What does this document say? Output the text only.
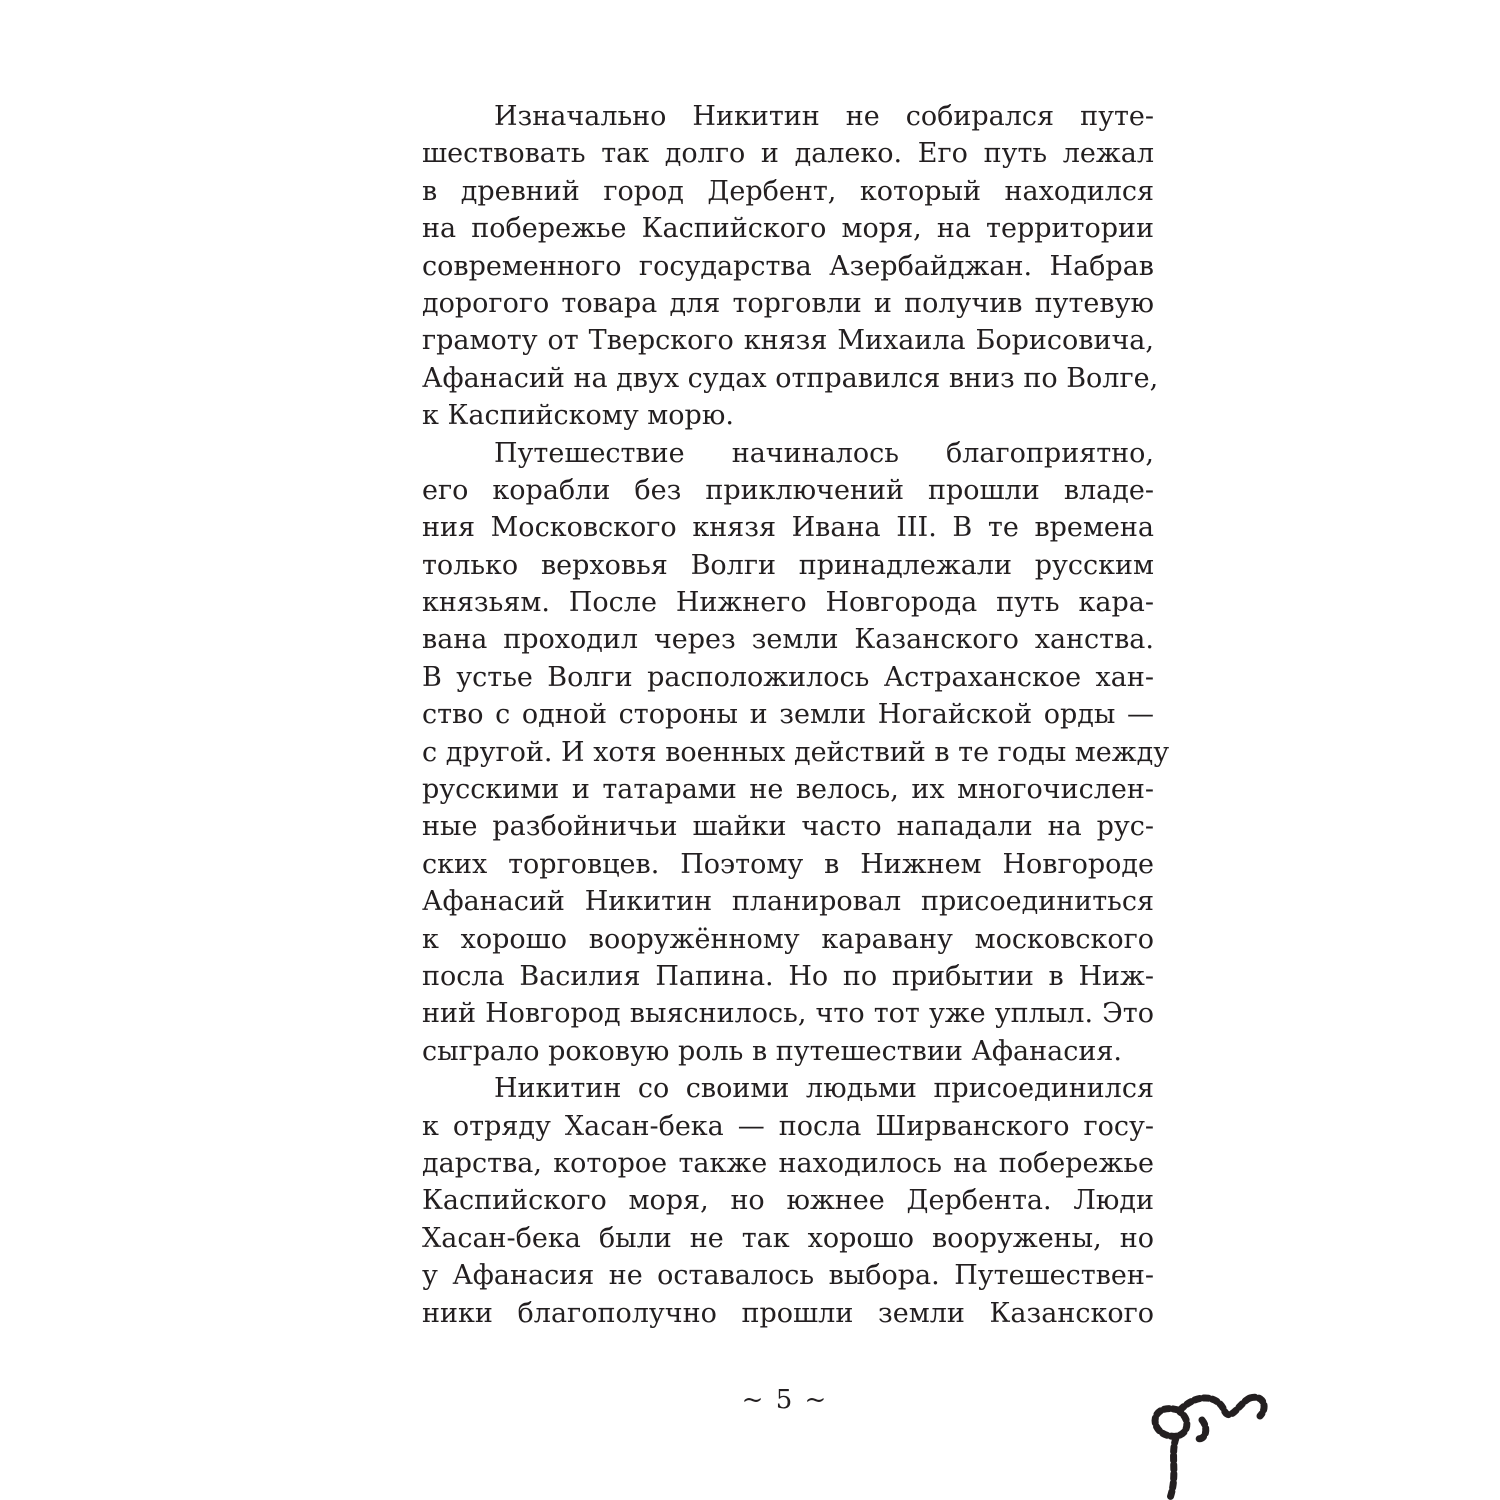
Изначально Никитин не собирался путе-
шествовать так долго и далеко. Его путь лежал
в древний город Дербент, который находился
на побережье Каспийского моря, на территории
современного государства Азербайджан. Набрав
дорогого товара для торговли и получив путевую
грамоту от Тверского князя Михаила Борисовича,
Афанасий на двух судах отправился вниз по Волге,
к Каспийскому морю.
Путешествие начиналось благоприятно,
его корабли без приключений прошли владе-
ния Московского князя Ивана III. В те времена
только верховья Волги принадлежали русским
князьям. После Нижнего Новгорода путь кара-
вана проходил через земли Казанского ханства.
В устье Волги расположилось Астраханское хан-
ство с одной стороны и земли Ногайской орды —
с другой. И хотя военных действий в те годы между
русскими и татарами не велось, их многочислен-
ные разбойничьи шайки часто нападали на рус-
ских торговцев. Поэтому в Нижнем Новгороде
Афанасий Никитин планировал присоединиться
к хорошо вооружённому каравану московского
посла Василия Папина. Но по прибытии в Ниж-
ний Новгород выяснилось, что тот уже уплыл. Это
сыграло роковую роль в путешествии Афанасия.
Никитин со своими людьми присоединился
к отряду Хасан-бека — посла Ширванского госу-
дарства, которое также находилось на побережье
Каспийского моря, но южнее Дербента. Люди
Хасан-бека были не так хорошо вооружены, но
у Афанасия не оставалось выбора. Путешествен-
ники благополучно прошли земли Казанского
~ 5 ~
